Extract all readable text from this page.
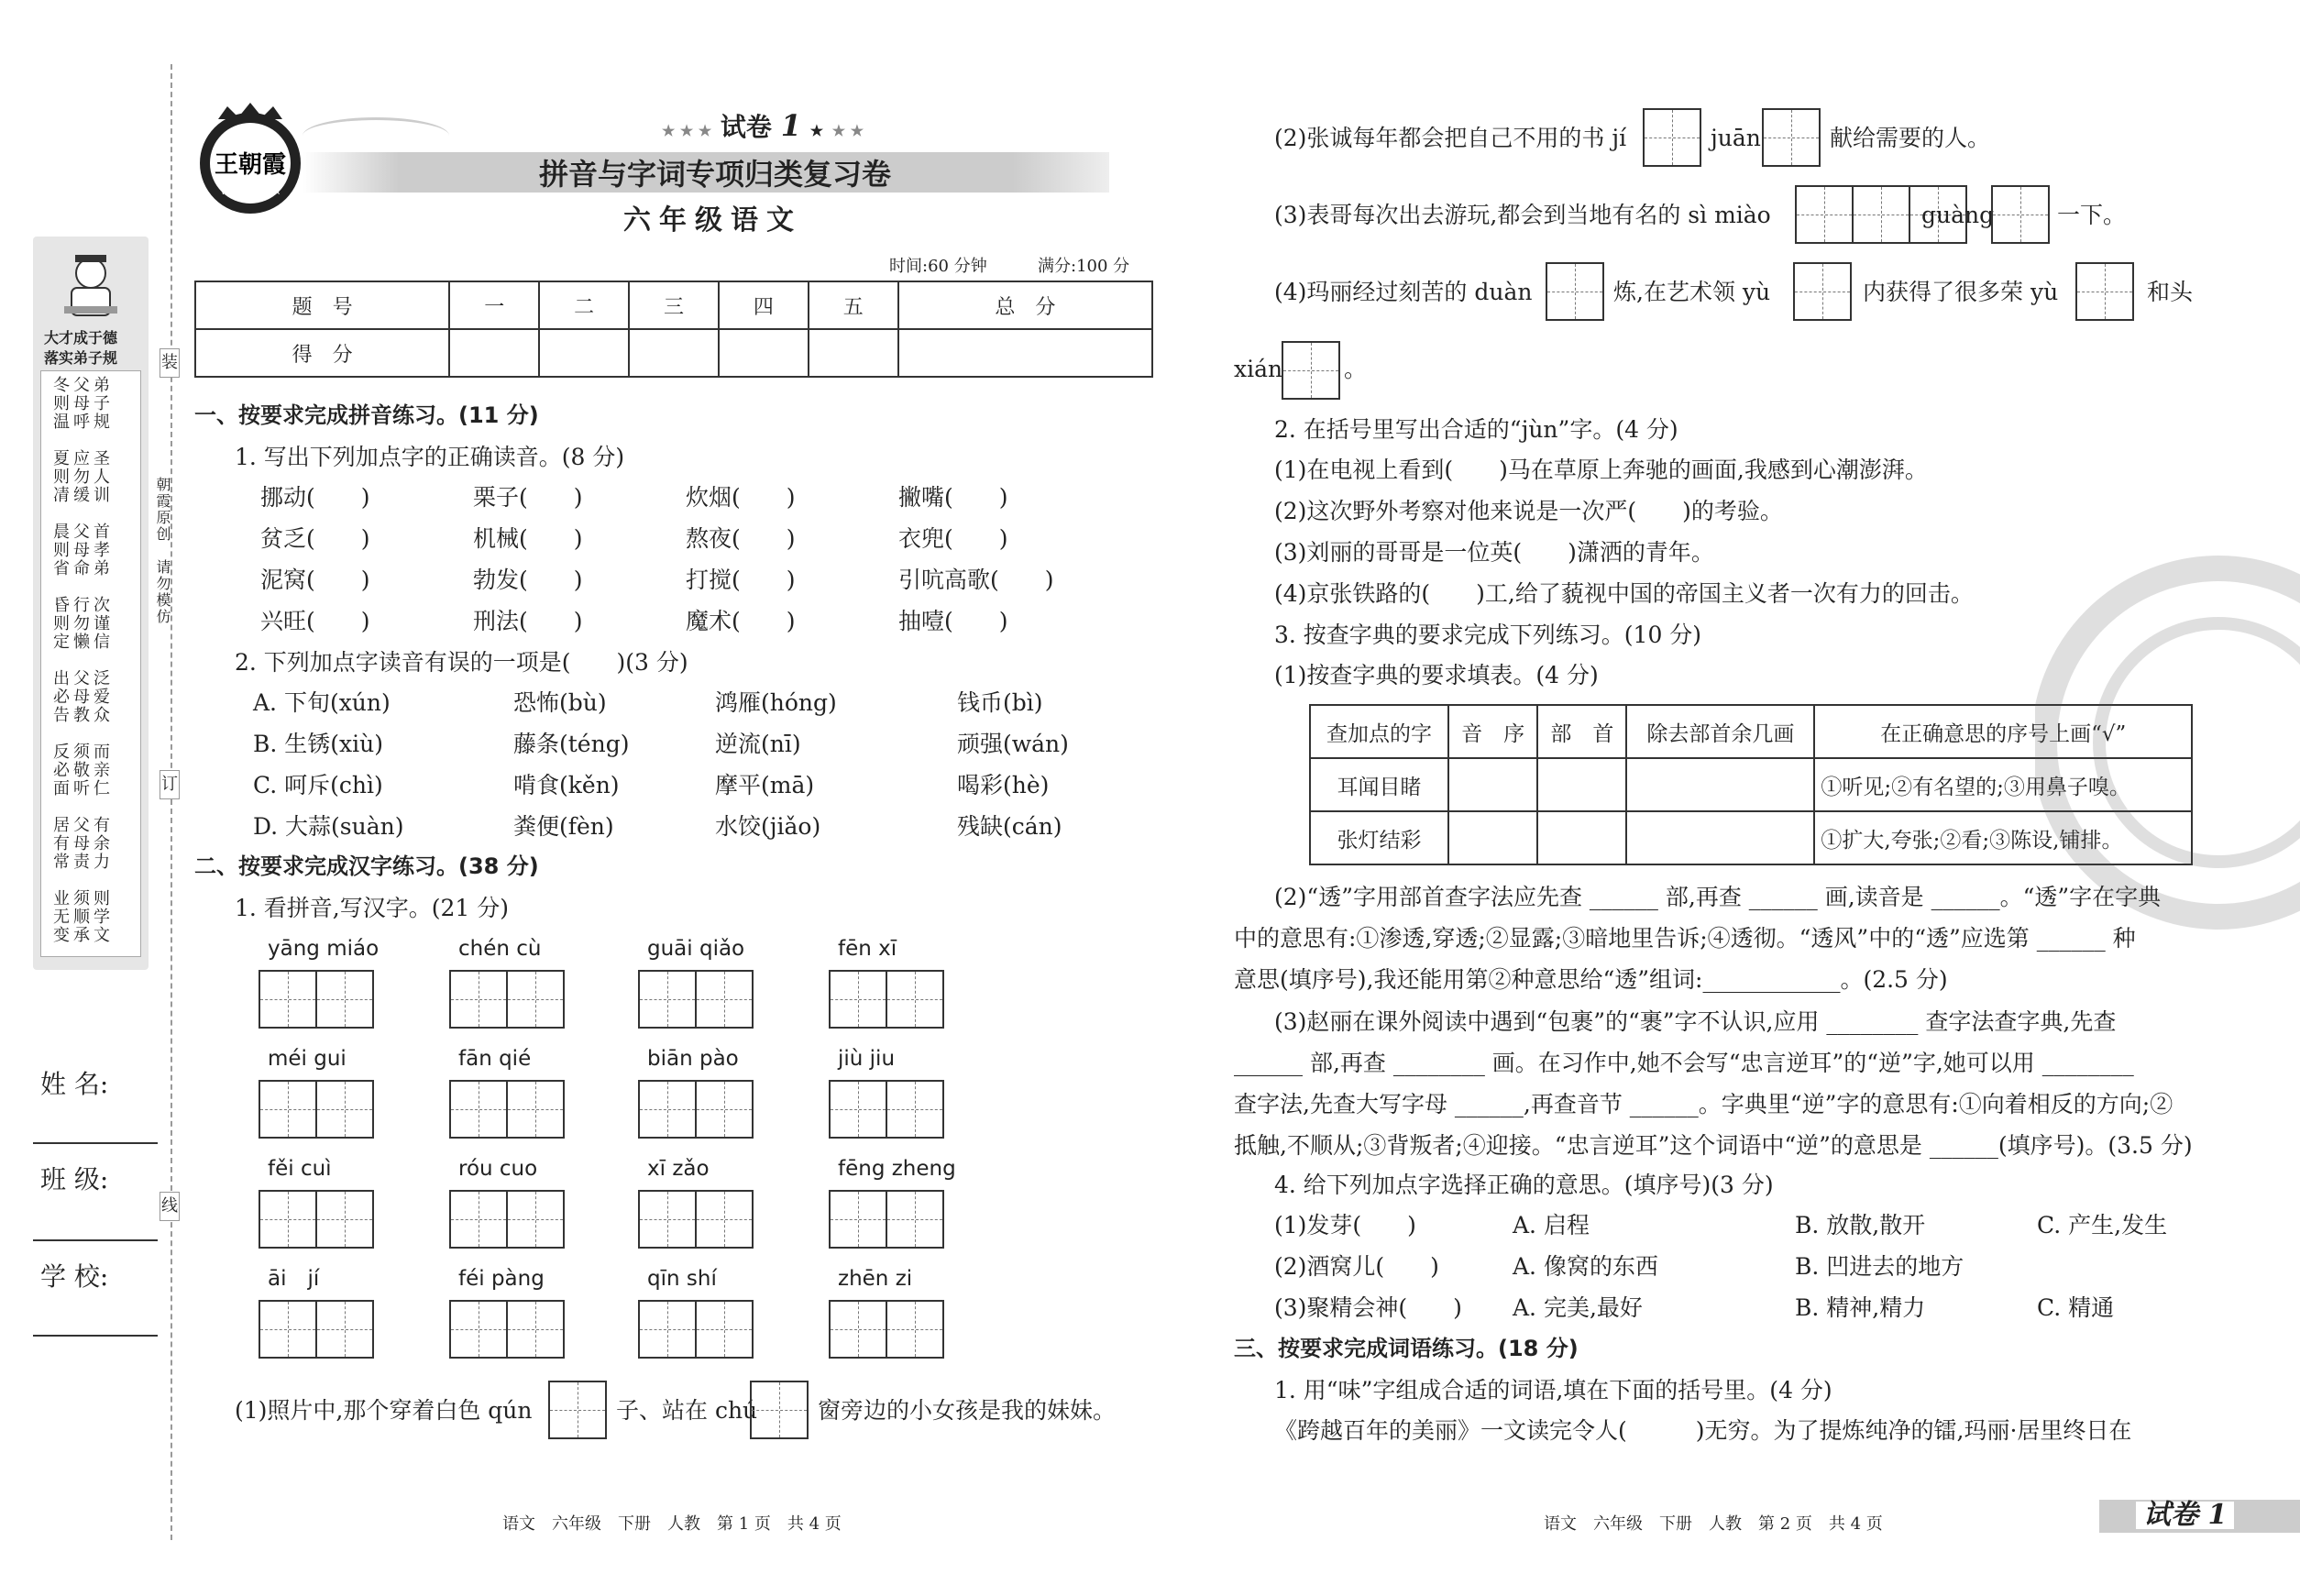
装
订
线
朝霞原创　请勿模仿
大才成于德
落实弟子规
冬则温 父母呼 弟子规
夏则凊 应勿缓 圣人训
晨则省 父母命 首孝弟
昏则定 行勿懒 次谨信
出必告 父母教 泛爱众
反必面 须敬听 而亲仁
居有常 父母责 有余力
业无变 须顺承 则学文
姓 名:
班 级:
学 校:
王朝霞
WANG ZHAOXIA
★ ★ ★ 试卷 1 ★ ★ ★
拼音与字词专项归类复习卷
六年级语文
时间:60 分钟	满分:100 分
题　号	一	二	三	四	五	总　分
得　分						
一、按要求完成拼音练习。(11 分)
1. 写出下列加点字的正确读音。(8 分)
挪动(　　)	栗子(　　)	炊烟(　　)	撇嘴(　　)
贫乏(　　)	机械(　　)	熬夜(　　)	衣兜(　　)
泥窝(　　)	勃发(　　)	打搅(　　)	引吭高歌(　　)
兴旺(　　)	刑法(　　)	魔术(　　)	抽噎(　　)
2. 下列加点字读音有误的一项是(　　)(3 分)
A. 下旬(xún)	恐怖(bù)	鸿雁(hóng)	钱币(bì)
B. 生锈(xiù)	藤条(téng)	逆流(nī)	顽强(wán)
C. 呵斥(chì)	啃食(kěn)	摩平(mā)	喝彩(hè)
D. 大蒜(suàn)	粪便(fèn)	水饺(jiǎo)	残缺(cán)
二、按要求完成汉字练习。(38 分)
1. 看拼音,写汉字。(21 分)
yāng miáo	chén cù	guāi qiǎo	fēn xī
méi gui	fān qié	biān pào	jiù jiu
fěi cuì	róu cuo	xī zǎo	fēng zheng
āi　jí	féi pàng	qīn shí	zhēn zi
(1)照片中,那个穿着白色 qún	子、站在 chú	窗旁边的小女孩是我的妹妹。
语文　六年级　下册　人教　第 1 页　共 4 页
(2)张诚每年都会把自己不用的书 jí	juān	献给需要的人。
(3)表哥每次出去游玩,都会到当地有名的 sì miào	guàng	一下。
(4)玛丽经过刻苦的 duàn	炼,在艺术领 yù	内获得了很多荣 yù	和头
xián	。
2. 在括号里写出合适的“jùn”字。(4 分)
(1)在电视上看到(　　)马在草原上奔驰的画面,我感到心潮澎湃。
(2)这次野外考察对他来说是一次严(　　)的考验。
(3)刘丽的哥哥是一位英(　　)潇洒的青年。
(4)京张铁路的(　　)工,给了藐视中国的帝国主义者一次有力的回击。
3. 按查字典的要求完成下列练习。(10 分)
(1)按查字典的要求填表。(4 分)
查加点的字	音　序	部　首	除去部首余几画	在正确意思的序号上画“√”
耳闻目睹				①听见;②有名望的;③用鼻子嗅。
张灯结彩				①扩大,夸张;②看;③陈设,铺排。
(2)“透”字用部首查字法应先查 ______ 部,再查 ______ 画,读音是 ______。“透”字在字典
中的意思有:①渗透,穿透;②显露;③暗地里告诉;④透彻。“透风”中的“透”应选第 ______ 种
意思(填序号),我还能用第②种意思给“透”组词:____________。(2.5 分)
(3)赵丽在课外阅读中遇到“包裹”的“裹”字不认识,应用 ________ 查字法查字典,先查
______ 部,再查 ________ 画。在习作中,她不会写“忠言逆耳”的“逆”字,她可以用 ________
查字法,先查大写字母 ______,再查音节 ______。字典里“逆”字的意思有:①向着相反的方向;②
抵触,不顺从;③背叛者;④迎接。“忠言逆耳”这个词语中“逆”的意思是 ______(填序号)。(3.5 分)
4. 给下列加点字选择正确的意思。(填序号)(3 分)
(1)发芽(　　)	A. 启程	B. 放散,散开	C. 产生,发生
(2)酒窝儿(　　)	A. 像窝的东西	B. 凹进去的地方
(3)聚精会神(　　) A. 完美,最好	B. 精神,精力	C. 精通
三、按要求完成词语练习。(18 分)
1. 用“味”字组成合适的词语,填在下面的括号里。(4 分)
《跨越百年的美丽》一文读完令人(　　　)无穷。为了提炼纯净的镭,玛丽·居里终日在
语文　六年级　下册　人教　第 2 页　共 4 页	试卷 1
